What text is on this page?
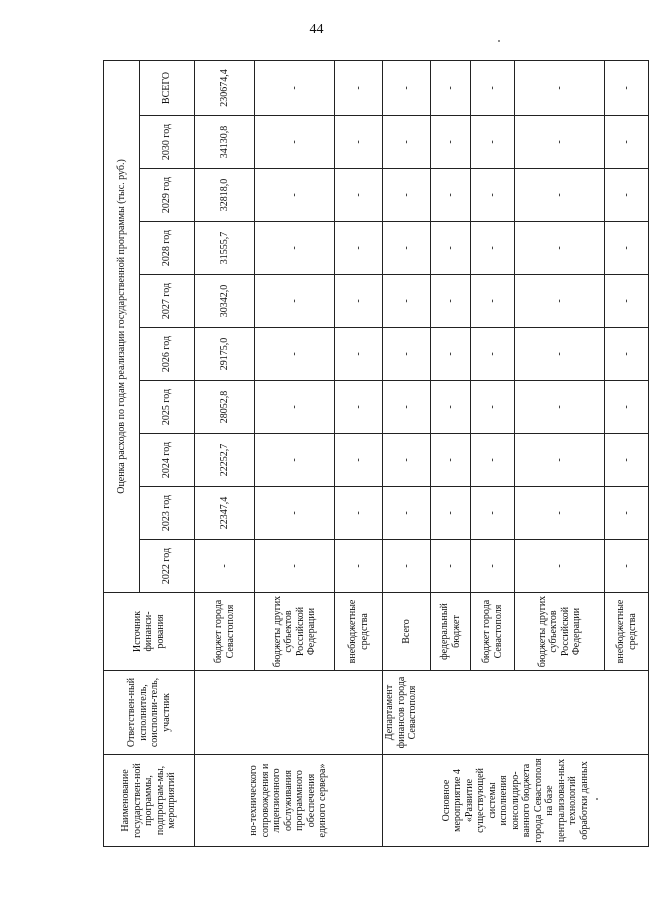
44
Наименование государствен-ной программы, подпрограм-мы, мероприятий	Ответствен-ный исполнитель, соисполни-тель, участник	Источник финанси-рования	Оценка расходов по годам реализации государственной программы (тыс. руб.)									
			2022 год	2023 год	2024 год	2025 год	2026 год	2027 год	2028 год	2029 год	2030 год	ВСЕГО
но-технического сопровождения и лицензионного обслуживания программного обеспечения единого сервера»		бюджет города Севастополя	-	22347,4	22252,7	28052,8	29175,0	30342,0	31555,7	32818,0	34130,8	230674,4
		бюджеты других субъектов Российской Федерации	-	-	-	-	-	-	-	-	-	-
		внебюджетные средства	-	-	-	-	-	-	-	-	-	-
Основное мероприятие 4 «Развитие существующей системы исполнения консолидиро-ванного бюджета города Севастополя на базе централизован-ных технологий обработки данных	Департамент финансов города Севастополя	Всего	-	-	-	-	-	-	-	-	-	-
		федеральный бюджет	-	-	-	-	-	-	-	-	-	-
		бюджет города Севастополя	-	-	-	-	-	-	-	-	-	-
		бюджеты других субъектов Российской Федерации	-	-	-	-	-	-	-	-	-	-
		внебюджетные средства	-	-	-	-	-	-	-	-	-	-
